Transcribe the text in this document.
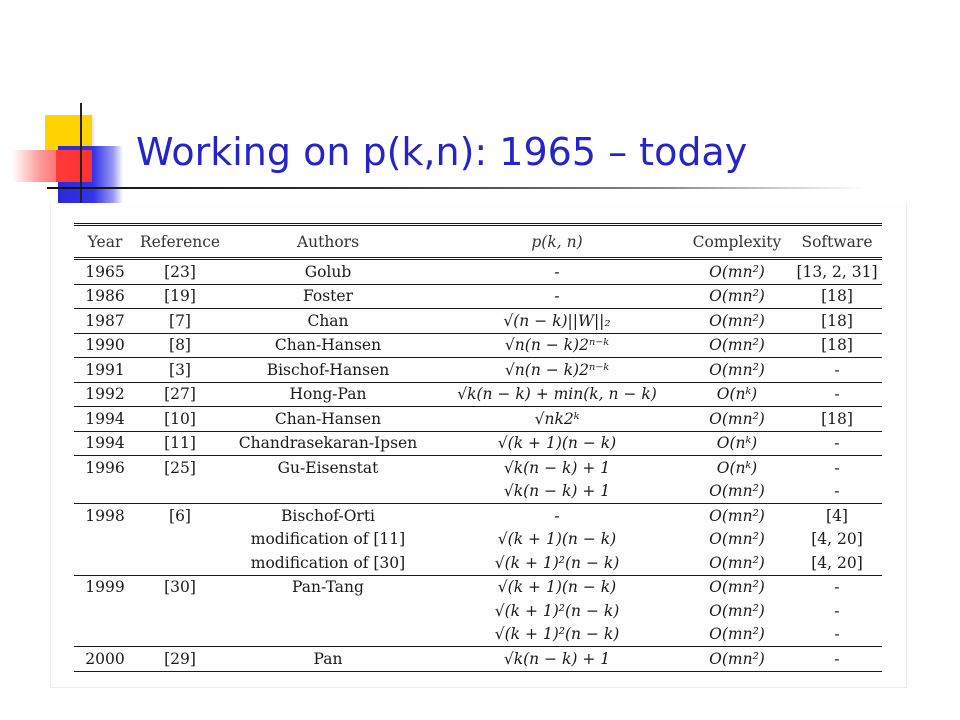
Working on p(k,n): 1965 – today
Year	Reference	Authors	p(k, n)	Complexity	Software
1965	[23]	Golub	-	O(mn²)	[13, 2, 31]
1986	[19]	Foster	-	O(mn²)	[18]
1987	[7]	Chan	√(n − k)||W||₂	O(mn²)	[18]
1990	[8]	Chan-Hansen	√n(n − k)2ⁿ⁻ᵏ	O(mn²)	[18]
1991	[3]	Bischof-Hansen	√n(n − k)2ⁿ⁻ᵏ	O(mn²)	-
1992	[27]	Hong-Pan	√k(n − k) + min(k, n − k)	O(nᵏ)	-
1994	[10]	Chan-Hansen	√nk2ᵏ	O(mn²)	[18]
1994	[11]	Chandrasekaran-Ipsen	√(k + 1)(n − k)	O(nᵏ)	-
1996	[25]	Gu-Eisenstat	√k(n − k) + 1	O(nᵏ)	-
			√k(n − k) + 1	O(mn²)	-
1998	[6]	Bischof-Orti	-	O(mn²)	[4]
		modification of [11]	√(k + 1)(n − k)	O(mn²)	[4, 20]
		modification of [30]	√(k + 1)²(n − k)	O(mn²)	[4, 20]
1999	[30]	Pan-Tang	√(k + 1)(n − k)	O(mn²)	-
			√(k + 1)²(n − k)	O(mn²)	-
			√(k + 1)²(n − k)	O(mn²)	-
2000	[29]	Pan	√k(n − k) + 1	O(mn²)	-
